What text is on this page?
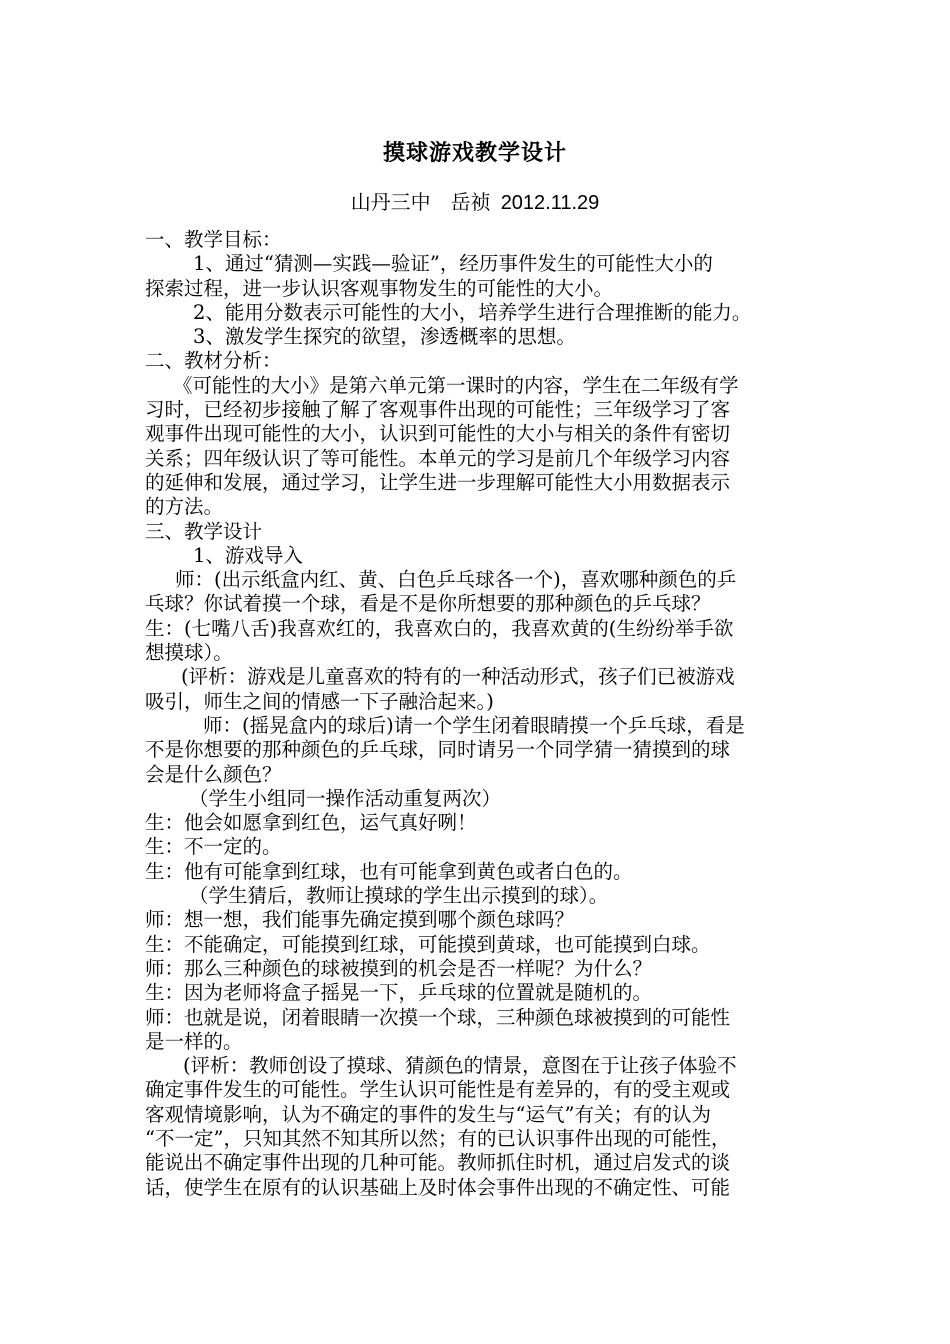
摸球游戏教学设计
山丹三中　岳祯 2012.11.29
一、教学目标：
1、通过“猜测—实践—验证”，经历事件发生的可能性大小的
探索过程，进一步认识客观事物发生的可能性的大小。
2、能用分数表示可能性的大小，培养学生进行合理推断的能力。
3、激发学生探究的欲望，渗透概率的思想。
二、教材分析：
《可能性的大小》是第六单元第一课时的内容，学生在二年级有学
习时，已经初步接触了解了客观事件出现的可能性；三年级学习了客
观事件出现可能性的大小，认识到可能性的大小与相关的条件有密切
关系；四年级认识了等可能性。本单元的学习是前几个年级学习内容
的延伸和发展，通过学习，让学生进一步理解可能性大小用数据表示
的方法。
三、教学设计
1、游戏导入
师：(出示纸盒内红、黄、白色乒乓球各一个)，喜欢哪种颜色的乒
乓球？你试着摸一个球，看是不是你所想要的那种颜色的乒乓球？
生：(七嘴八舌)我喜欢红的，我喜欢白的，我喜欢黄的(生纷纷举手欲
想摸球）。
(评析：游戏是儿童喜欢的特有的一种活动形式，孩子们已被游戏
吸引，师生之间的情感一下子融洽起来。)
师：(摇晃盒内的球后)请一个学生闭着眼睛摸一个乒乓球，看是
不是你想要的那种颜色的乒乓球，同时请另一个同学猜一猜摸到的球
会是什么颜色？
（学生小组同一操作活动重复两次）
生：他会如愿拿到红色，运气真好咧！
生：不一定的。
生：他有可能拿到红球，也有可能拿到黄色或者白色的。
（学生猜后，教师让摸球的学生出示摸到的球）。
师：想一想，我们能事先确定摸到哪个颜色球吗？
生：不能确定，可能摸到红球，可能摸到黄球，也可能摸到白球。
师：那么三种颜色的球被摸到的机会是否一样呢？为什么？
生：因为老师将盒子摇晃一下，乒乓球的位置就是随机的。
师：也就是说，闭着眼睛一次摸一个球，三种颜色球被摸到的可能性
是一样的。
(评析：教师创设了摸球、猜颜色的情景，意图在于让孩子体验不
确定事件发生的可能性。学生认识可能性是有差异的，有的受主观或
客观情境影响，认为不确定的事件的发生与“运气”有关；有的认为
“不一定”，只知其然不知其所以然；有的已认识事件出现的可能性，
能说出不确定事件出现的几种可能。教师抓住时机，通过启发式的谈
话，使学生在原有的认识基础上及时体会事件出现的不确定性、可能
